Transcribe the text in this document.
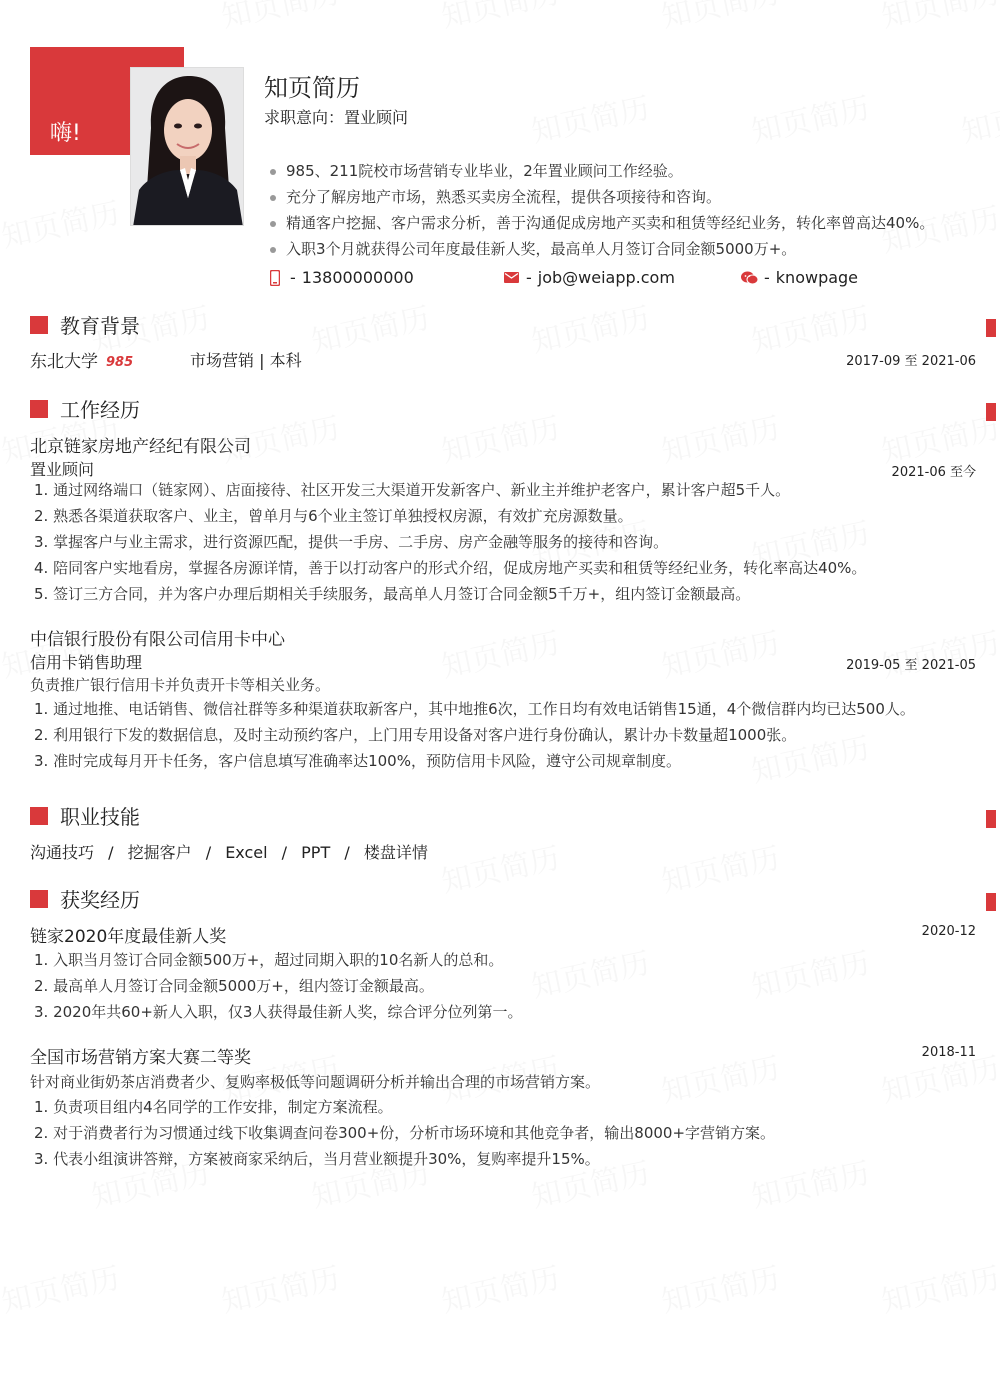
嗨!
知页简历
求职意向：置业顾问
985、211院校市场营销专业毕业，2年置业顾问工作经验。
充分了解房地产市场，熟悉买卖房全流程，提供各项接待和咨询。
精通客户挖掘、客户需求分析，善于沟通促成房地产买卖和租赁等经纪业务，转化率曾高达40%。
入职3个月就获得公司年度最佳新人奖，最高单人月签订合同金额5000万+。
- 13800000000	- job@weiapp.com	- knowpage
教育背景
东北大学 985	市场营销 | 本科	2017-09 至 2021-06
工作经历
北京链家房地产经纪有限公司
置业顾问	2021-06 至今
1. 通过网络端口（链家网）、店面接待、社区开发三大渠道开发新客户、新业主并维护老客户，累计客户超5千人。
2. 熟悉各渠道获取客户、业主，曾单月与6个业主签订单独授权房源，有效扩充房源数量。
3. 掌握客户与业主需求，进行资源匹配，提供一手房、二手房、房产金融等服务的接待和咨询。
4. 陪同客户实地看房，掌握各房源详情，善于以打动客户的形式介绍，促成房地产买卖和租赁等经纪业务，转化率高达40%。
5. 签订三方合同，并为客户办理后期相关手续服务，最高单人月签订合同金额5千万+，组内签订金额最高。
中信银行股份有限公司信用卡中心
信用卡销售助理	2019-05 至 2021-05
负责推广银行信用卡并负责开卡等相关业务。
1. 通过地推、电话销售、微信社群等多种渠道获取新客户，其中地推6次，工作日均有效电话销售15通，4个微信群内均已达500人。
2. 利用银行下发的数据信息，及时主动预约客户，上门用专用设备对客户进行身份确认，累计办卡数量超1000张。
3. 准时完成每月开卡任务，客户信息填写准确率达100%，预防信用卡风险，遵守公司规章制度。
职业技能
沟通技巧 / 挖掘客户 / Excel / PPT / 楼盘详情
获奖经历
链家2020年度最佳新人奖	2020-12
1. 入职当月签订合同金额500万+，超过同期入职的10名新人的总和。
2. 最高单人月签订合同金额5000万+，组内签订金额最高。
3. 2020年共60+新人入职，仅3人获得最佳新人奖，综合评分位列第一。
全国市场营销方案大赛二等奖	2018-11
针对商业街奶茶店消费者少、复购率极低等问题调研分析并输出合理的市场营销方案。
1. 负责项目组内4名同学的工作安排，制定方案流程。
2. 对于消费者行为习惯通过线下收集调查问卷300+份，分析市场环境和其他竞争者，输出8000+字营销方案。
3. 代表小组演讲答辩，方案被商家采纳后，当月营业额提升30%，复购率提升15%。
